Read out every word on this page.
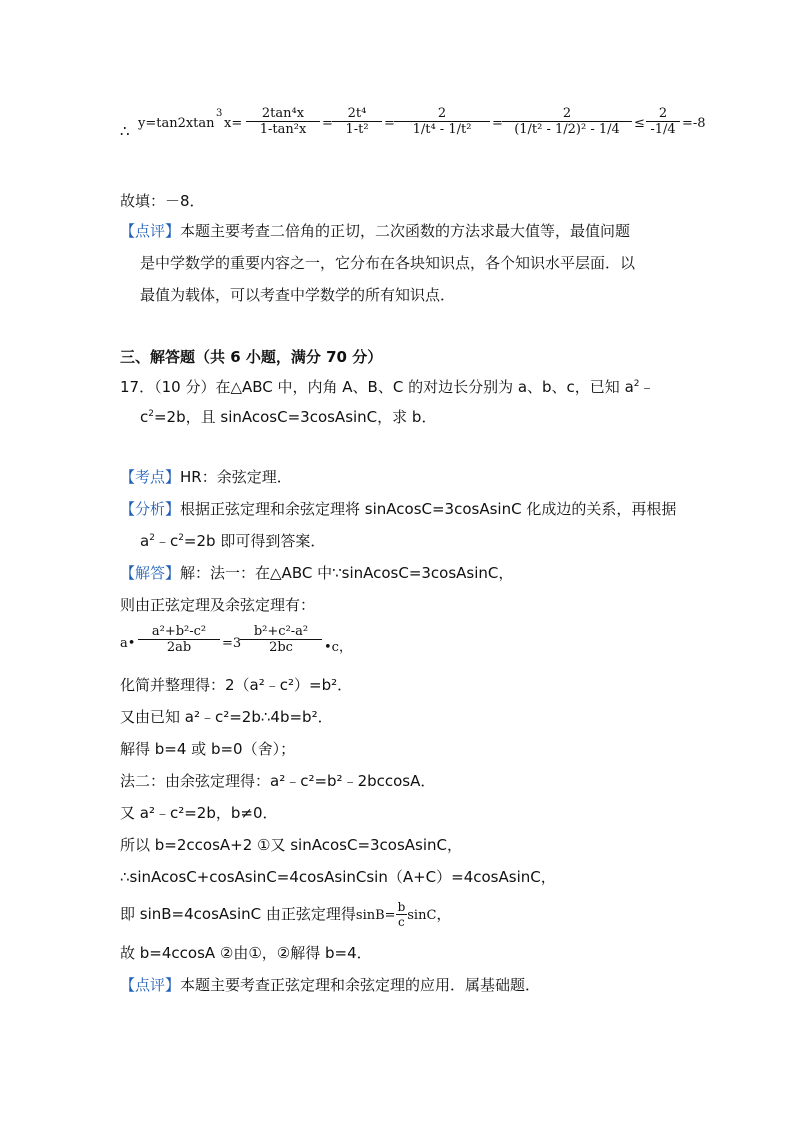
∴ y=tan2xtan
3
$x= \frac{\text{2tan⁴x}}{\text{1-tan²x}} = \frac{\text{2t⁴}}{\text{1-t²}} = \frac{2}{\text{1/t⁴ - 1/t²}} = \frac{2}{\text{(1/t² - 1/2)² - 1/4}} \le \frac{2}{-1/4} =-8$
故填：－8．
【点评】本题主要考查二倍角的正切，二次函数的方法求最大值等，最值问题
是中学数学的重要内容之一，它分布在各块知识点，各个知识水平层面．以
最值为载体，可以考查中学数学的所有知识点．
三、解答题（共 6 小题，满分 70 分）
17．（10 分）在△ABC 中，内角 A、B、C 的对边长分别为 a、b、c，已知 $a^2﹣$
$c^2=2b$，且 sinAcosC=3cosAsinC，求 b．
【考点】HR：余弦定理．
【分析】根据正弦定理和余弦定理将 sinAcosC=3cosAsinC 化成边的关系，再根据
$a^2﹣c^2=2b$ 即可得到答案．
【解答】解：法一：在△ABC 中∵sinAcosC=3cosAsinC，
则由正弦定理及余弦定理有：
a• $\frac{\text{a²+b²-c²}}{2ab} =3$
$\frac{\text{b²+c²-a²}}{2bc}$ •c，
化简并整理得：2（a²﹣c²）=b²．
又由已知 a²﹣c²=2b∴4b=b²．
解得 b=4 或 b=0（舍）；
法二：由余弦定理得：a²﹣c²=b²﹣2bccosA．
又 a²﹣c²=2b，b≠0．
所以 b=2ccosA+2 ①又 sinAcosC=3cosAsinC，
∴sinAcosC+cosAsinC=4cosAsinCsin（A+C）=4cosAsinC，
即 sinB=4cosAsinC 由正弦定理得$\sin B= \frac{b}{c}$ sinC，
故 b=4ccosA ②由①，②解得 b=4．
【点评】本题主要考查正弦定理和余弦定理的应用．属基础题．
